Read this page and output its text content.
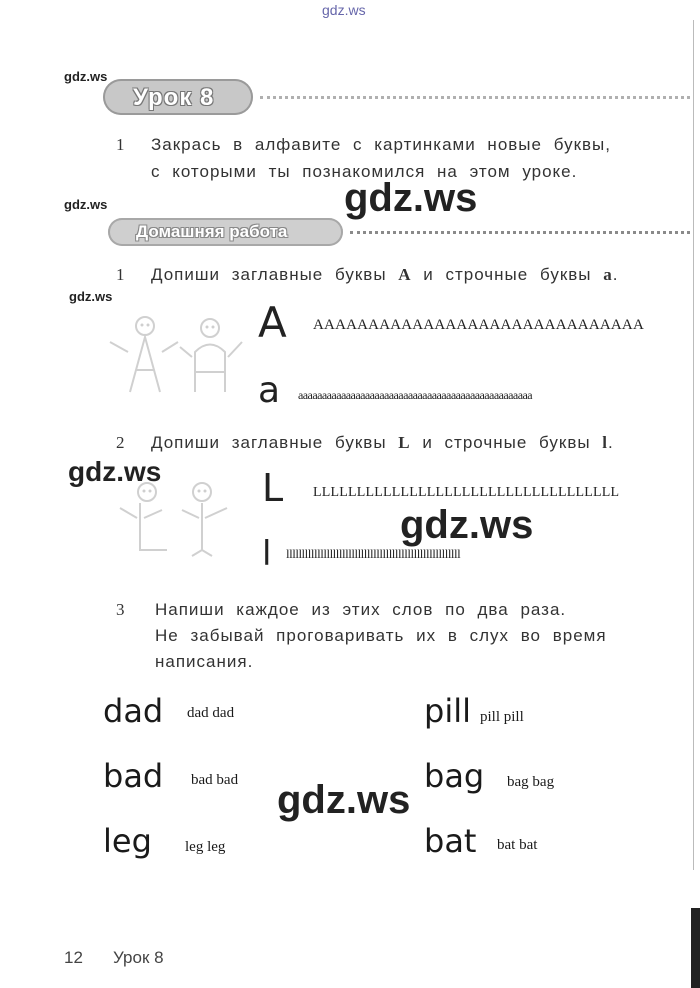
gdz.ws
gdz.ws
gdz.ws
gdz.ws
gdz.ws
gdz.ws
gdz.ws
gdz.ws
Урок 8
1 Закрась в алфавите с картинками новые буквы,
с которыми ты познакомился на этом уроке.
Домашняя работа
1 Допиши заглавные буквы A и строчные буквы a.
A AAAAAAAAAAAAAAAAAAAAAAAAAAAAAA
a aaaaaaaaaaaaaaaaaaaaaaaaaaaaaaaaaaaaaaaaaaaaaaaaa
2 Допиши заглавные буквы L и строчные буквы l.
L LLLLLLLLLLLLLLLLLLLLLLLLLLLLLLLLLLL
l llllllllllllllllllllllllllllllllllllllllllllllllllllllll
3 Напиши каждое из этих слов по два раза.
Не забывай проговаривать их в слух во время
написания.
dad dad dad
bad bad bad
leg leg leg
pill pill pill
bag bag bag
bat bat bat
12 Урок 8
